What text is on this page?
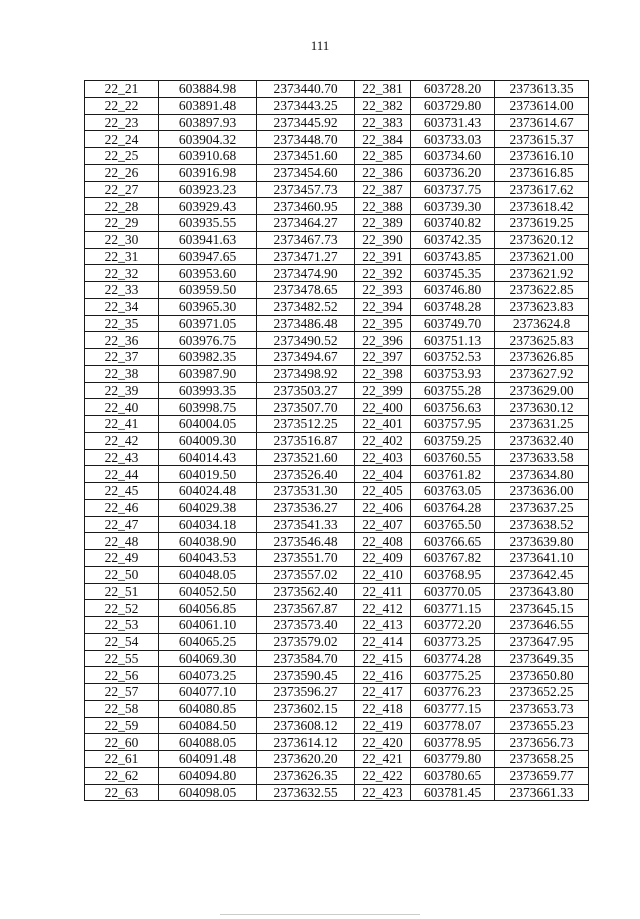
111
22_21	603884.98	2373440.70	22_381	603728.20	2373613.35
22_22	603891.48	2373443.25	22_382	603729.80	2373614.00
22_23	603897.93	2373445.92	22_383	603731.43	2373614.67
22_24	603904.32	2373448.70	22_384	603733.03	2373615.37
22_25	603910.68	2373451.60	22_385	603734.60	2373616.10
22_26	603916.98	2373454.60	22_386	603736.20	2373616.85
22_27	603923.23	2373457.73	22_387	603737.75	2373617.62
22_28	603929.43	2373460.95	22_388	603739.30	2373618.42
22_29	603935.55	2373464.27	22_389	603740.82	2373619.25
22_30	603941.63	2373467.73	22_390	603742.35	2373620.12
22_31	603947.65	2373471.27	22_391	603743.85	2373621.00
22_32	603953.60	2373474.90	22_392	603745.35	2373621.92
22_33	603959.50	2373478.65	22_393	603746.80	2373622.85
22_34	603965.30	2373482.52	22_394	603748.28	2373623.83
22_35	603971.05	2373486.48	22_395	603749.70	2373624.8
22_36	603976.75	2373490.52	22_396	603751.13	2373625.83
22_37	603982.35	2373494.67	22_397	603752.53	2373626.85
22_38	603987.90	2373498.92	22_398	603753.93	2373627.92
22_39	603993.35	2373503.27	22_399	603755.28	2373629.00
22_40	603998.75	2373507.70	22_400	603756.63	2373630.12
22_41	604004.05	2373512.25	22_401	603757.95	2373631.25
22_42	604009.30	2373516.87	22_402	603759.25	2373632.40
22_43	604014.43	2373521.60	22_403	603760.55	2373633.58
22_44	604019.50	2373526.40	22_404	603761.82	2373634.80
22_45	604024.48	2373531.30	22_405	603763.05	2373636.00
22_46	604029.38	2373536.27	22_406	603764.28	2373637.25
22_47	604034.18	2373541.33	22_407	603765.50	2373638.52
22_48	604038.90	2373546.48	22_408	603766.65	2373639.80
22_49	604043.53	2373551.70	22_409	603767.82	2373641.10
22_50	604048.05	2373557.02	22_410	603768.95	2373642.45
22_51	604052.50	2373562.40	22_411	603770.05	2373643.80
22_52	604056.85	2373567.87	22_412	603771.15	2373645.15
22_53	604061.10	2373573.40	22_413	603772.20	2373646.55
22_54	604065.25	2373579.02	22_414	603773.25	2373647.95
22_55	604069.30	2373584.70	22_415	603774.28	2373649.35
22_56	604073.25	2373590.45	22_416	603775.25	2373650.80
22_57	604077.10	2373596.27	22_417	603776.23	2373652.25
22_58	604080.85	2373602.15	22_418	603777.15	2373653.73
22_59	604084.50	2373608.12	22_419	603778.07	2373655.23
22_60	604088.05	2373614.12	22_420	603778.95	2373656.73
22_61	604091.48	2373620.20	22_421	603779.80	2373658.25
22_62	604094.80	2373626.35	22_422	603780.65	2373659.77
22_63	604098.05	2373632.55	22_423	603781.45	2373661.33
